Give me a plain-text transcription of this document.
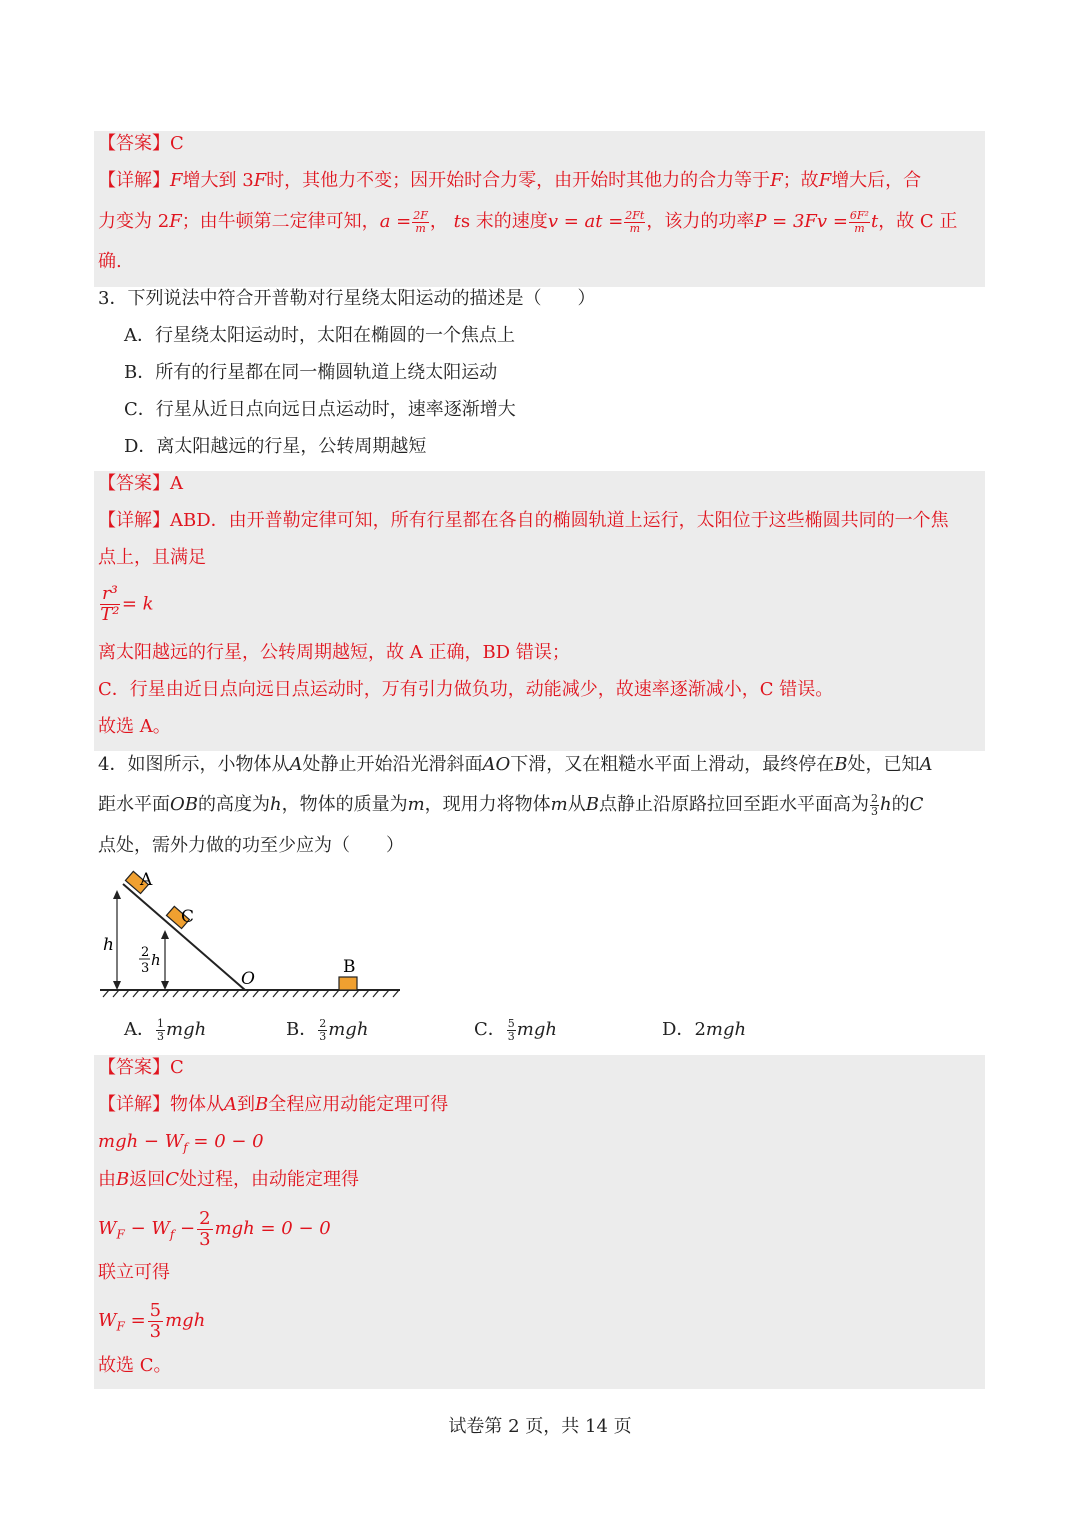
【答案】C
【详解】F增大到 3F时，其他力不变；因开始时合力零，由开始时其他力的合力等于F；故F增大后，合
力变为 2F；由牛顿第二定律可知，$a = \frac{2F}{m}$ ， ts 末的速度v = at = $\frac{2Ft}{m}$ ，该力的功率$P = 3Fv = \frac{\text{6F²}}{m}$ t，故 C 正
确.
3．下列说法中符合开普勒对行星绕太阳运动的描述是（　　）
A．行星绕太阳运动时，太阳在椭圆的一个焦点上
B．所有的行星都在同一椭圆轨道上绕太阳运动
C．行星从近日点向远日点运动时，速率逐渐增大
D．离太阳越远的行星，公转周期越短
【答案】A
【详解】ABD．由开普勒定律可知，所有行星都在各自的椭圆轨道上运行，太阳位于这些椭圆共同的一个焦
点上，且满足
$\frac{\text{r³}}{\text{T²}} = k$
离太阳越远的行星，公转周期越短，故 A 正确，BD 错误；
C．行星由近日点向远日点运动时，万有引力做负功，动能减少，故速率逐渐减小，C 错误。
故选 A。
4．如图所示，小物体从A处静止开始沿光滑斜面AO下滑，又在粗糙水平面上滑动，最终停在B处，已知A
距水平面OB的高度为h，物体的质量为m，现用力将物体m从B点静止沿原路拉回至距水平面高为 $\frac{2}{3}$ h的C
点处，需外力做的功至少应为（　　）
A
C
h 2
3 h
O
B
A． $\frac{1}{3}$ mgh	B． $\frac{2}{3}$ mgh	C． $\frac{5}{3}$ mgh	D．2mgh
【答案】C
【详解】物体从A到B全程应用动能定理可得
mgh − $W_f = 0 - 0$
由B返回C处过程，由动能定理得
$W_F - W_f - \frac{2}{3}$ mgh = 0 − 0
联立可得
$W_F = \frac{5}{3}$ mgh
故选 C。
试卷第 2 页，共 14 页
